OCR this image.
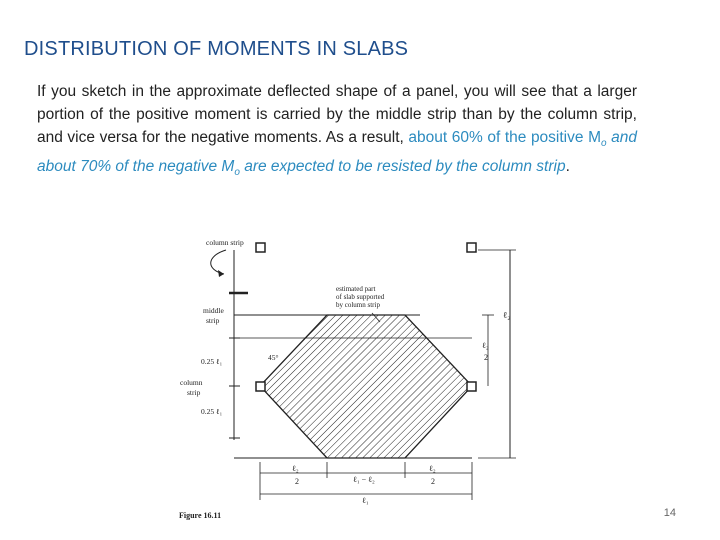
DISTRIBUTION OF MOMENTS IN SLABS
If you sketch in the approximate deflected shape of a panel, you will see that a larger portion of the positive moment is carried by the middle strip than by the column strip, and vice versa for the negative moments. As a result, about 60% of the positive $M_o$ and about 70% of the negative $M_o$ are expected to be resisted by the column strip.
column strip
middle
strip
0.25 ℓ₁
column
strip
0.25 ℓ₁
45°
estimated part
of slab supported
by column strip
ℓ₂
ℓ₂
2
ℓ₂
2	ℓ₁ − ℓ₂
ℓ₂
2
ℓ₁
Figure 16.11	14
